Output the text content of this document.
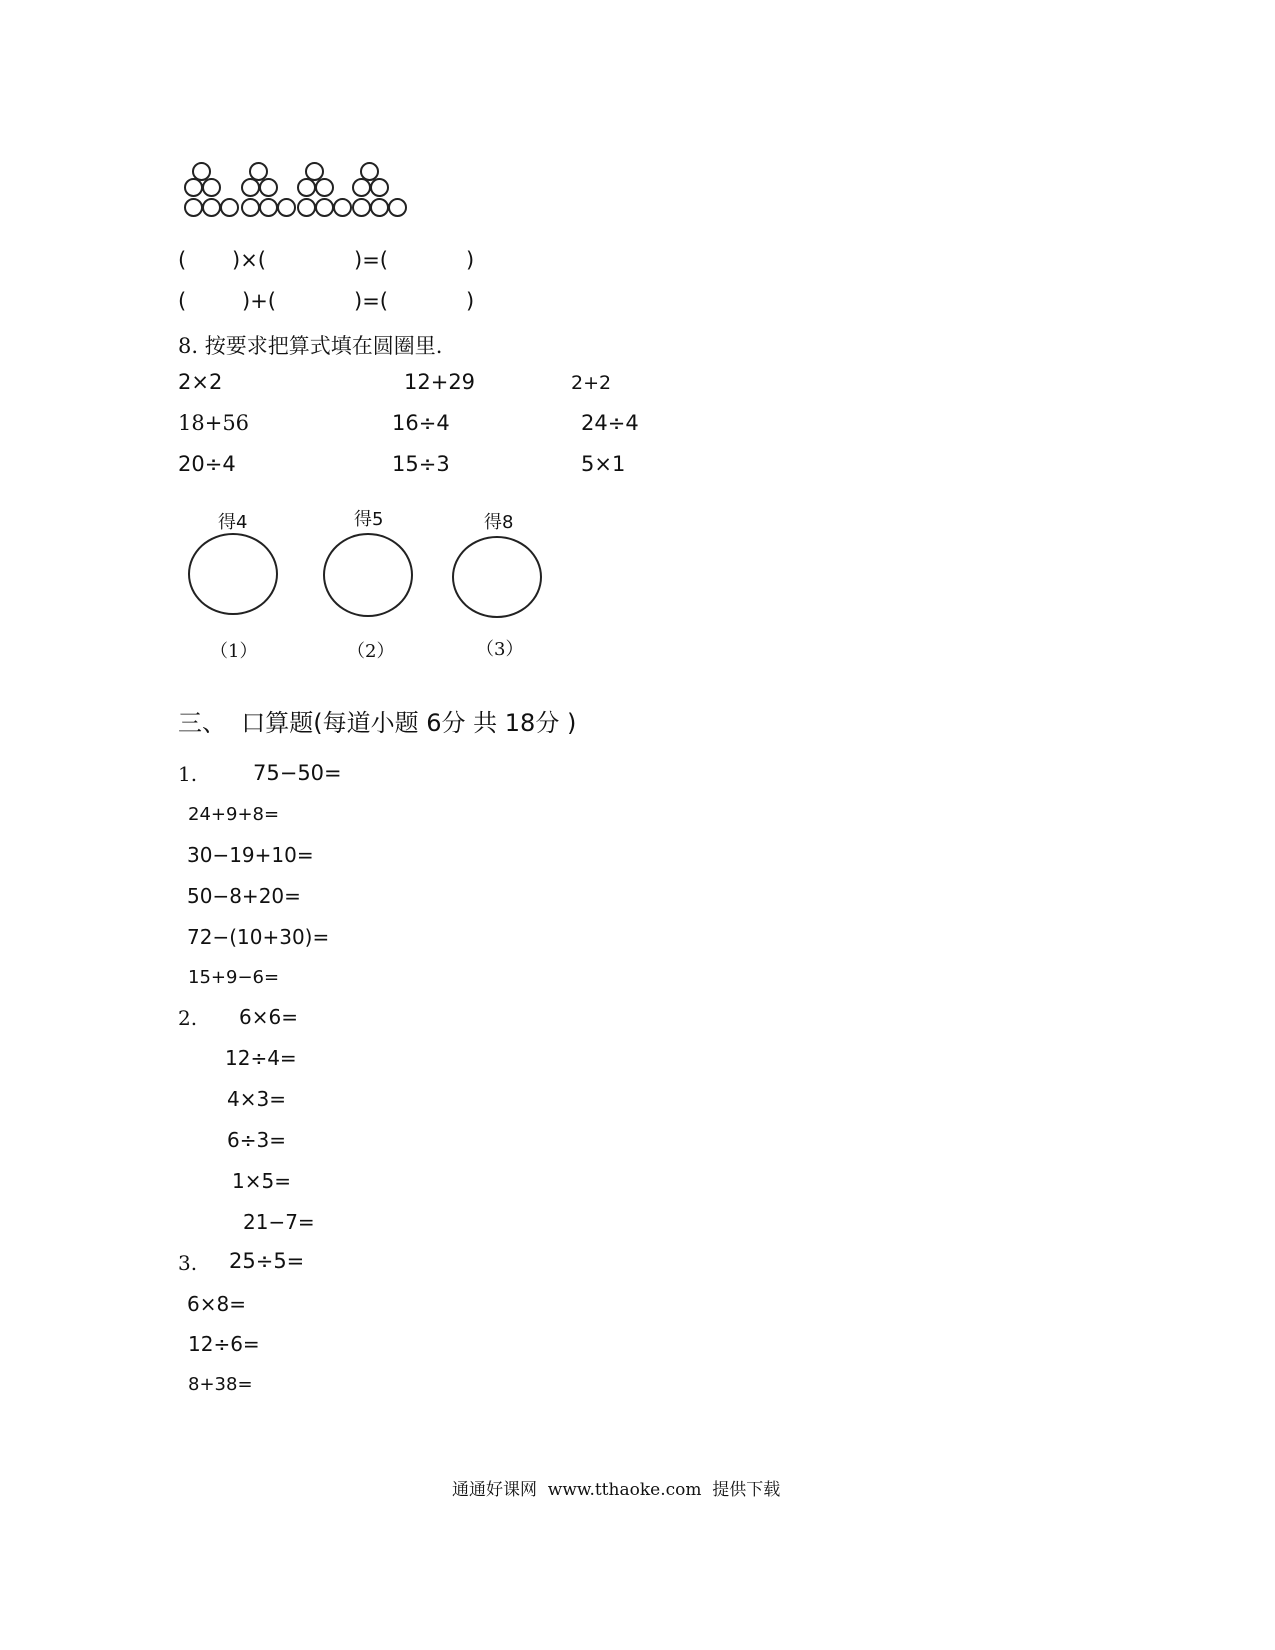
( )×(	)=(	)
(	)+(	)=(	)
8. 按要求把算式填在圆圈里.
2×2	12+29	2+2
18+56	16÷4	24÷4
20÷4	15÷3	5×1
得4
（1）
得5
（2）
得8
（3）
三、  口算题(每道小题 6分 共 18分 )
1.	75−50=
24+9+8=
30−19+10=
50−8+20=
72−(10+30)=
15+9−6=
2. 6×6=
12÷4=
4×3=
6÷3=
1×5=
21−7=
3. 25÷5=
6×8=
12÷6=
8+38=
通通好课网  www.tthaoke.com  提供下载
